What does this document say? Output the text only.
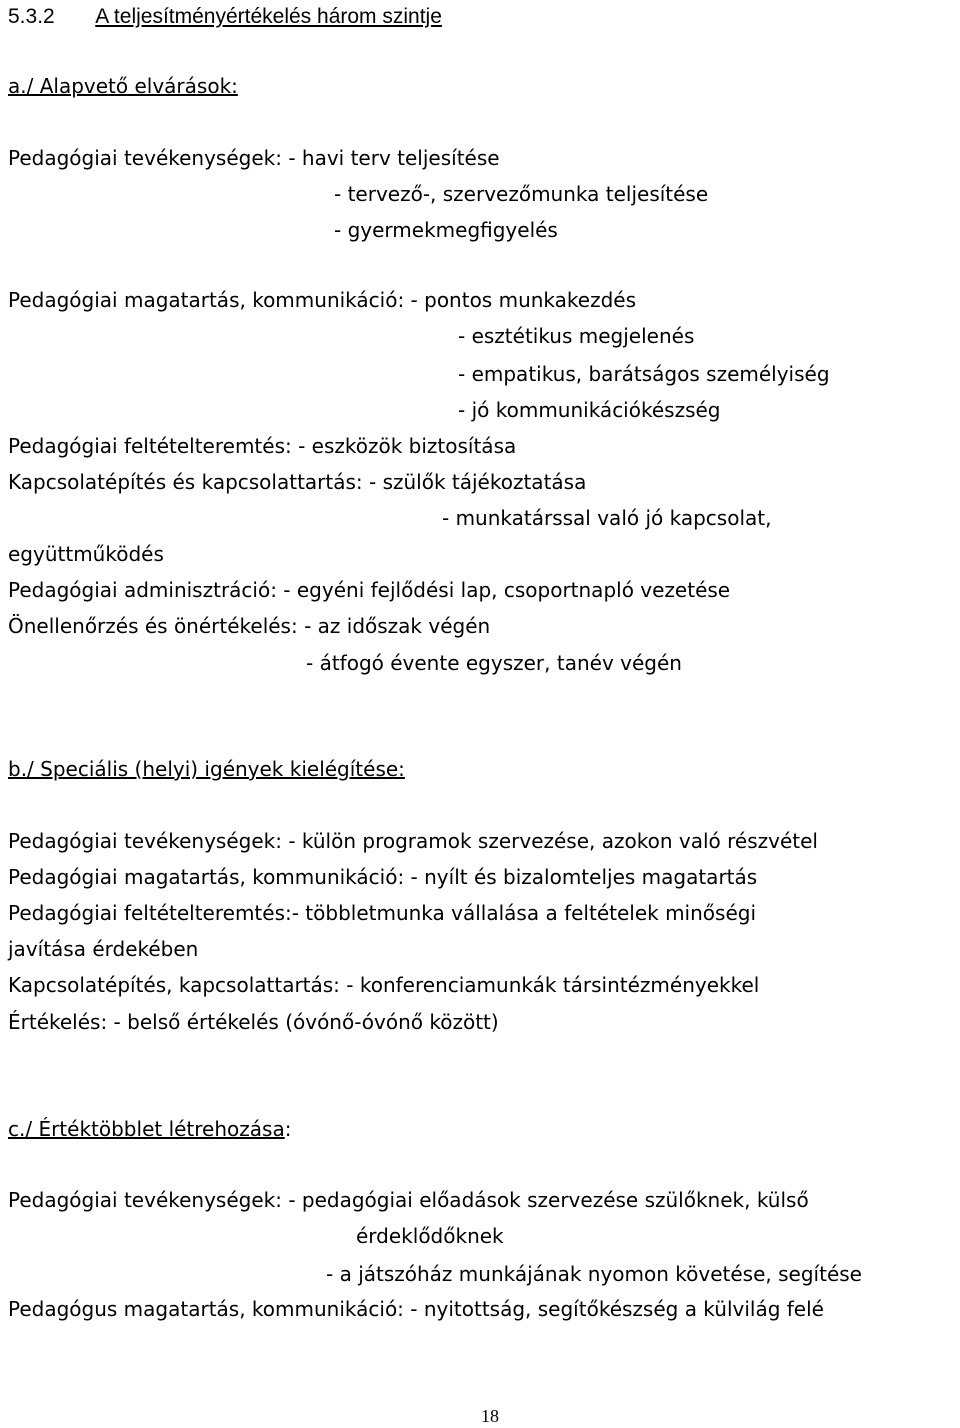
5.3.2 A teljesítményértékelés három szintje
a./ Alapvető elvárások:
Pedagógiai tevékenységek: - havi terv teljesítése
- tervező-, szervezőmunka teljesítése
- gyermekmegfigyelés
Pedagógiai magatartás, kommunikáció: - pontos munkakezdés
- esztétikus megjelenés
- empatikus, barátságos személyiség
- jó kommunikációkészség
Pedagógiai feltételteremtés: - eszközök biztosítása
Kapcsolatépítés és kapcsolattartás: - szülők tájékoztatása
- munkatárssal való jó kapcsolat,
együttműködés
Pedagógiai adminisztráció: - egyéni fejlődési lap, csoportnapló vezetése
Önellenőrzés és önértékelés: - az időszak végén
- átfogó évente egyszer, tanév végén
b./ Speciális (helyi) igények kielégítése:
Pedagógiai tevékenységek: - külön programok szervezése, azokon való részvétel
Pedagógiai magatartás, kommunikáció: - nyílt és bizalomteljes magatartás
Pedagógiai feltételteremtés:- többletmunka vállalása a feltételek minőségi
javítása érdekében
Kapcsolatépítés, kapcsolattartás: - konferenciamunkák társintézményekkel
Értékelés: - belső értékelés (óvónő-óvónő között)
c./ Értéktöbblet létrehozása:
Pedagógiai tevékenységek: - pedagógiai előadások szervezése szülőknek, külső
érdeklődőknek
- a játszóház munkájának nyomon követése, segítése
Pedagógus magatartás, kommunikáció: - nyitottság, segítőkészség a külvilág felé
18
